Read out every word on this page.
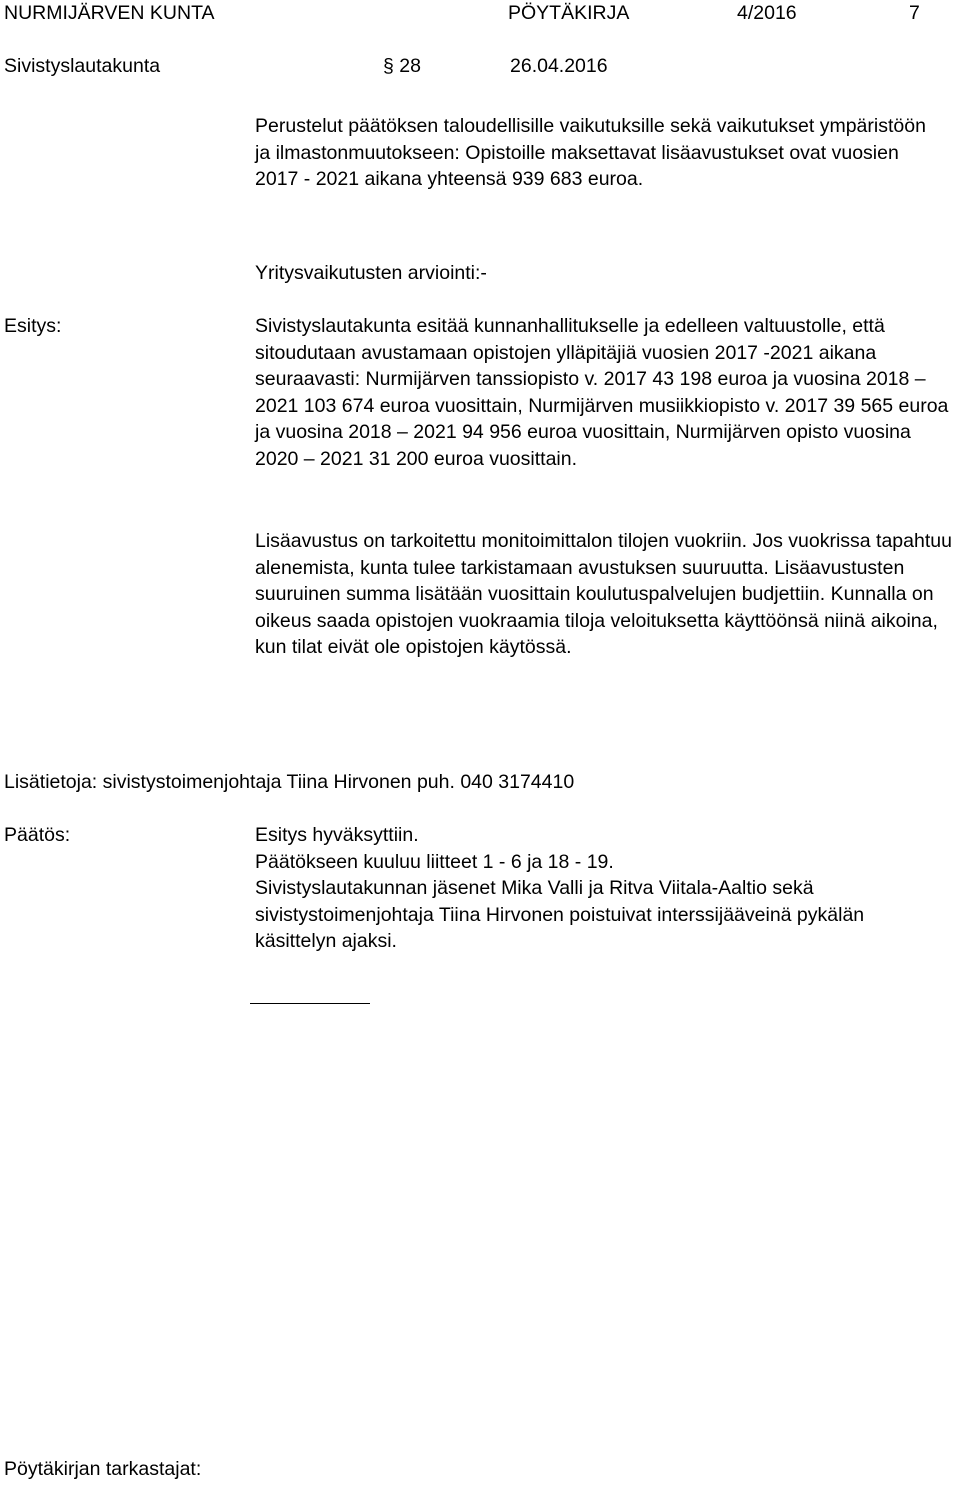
NURMIJÄRVEN KUNTA	PÖYTÄKIRJA	4/2016	7
Sivistyslautakunta	§ 28	26.04.2016

Perustelut päätöksen taloudellisille vaikutuksille sekä vaikutukset ympäristöön ja ilmastonmuutokseen: Opistoille maksettavat lisäavustukset ovat vuosien 2017 - 2021 aikana yhteensä 939 683 euroa.

Yritysvaikutusten arviointi:-

Esitys:	Sivistyslautakunta esitää kunnanhallitukselle ja edelleen valtuustolle, että sitoudutaan avustamaan opistojen ylläpitäjiä vuosien 2017 -2021 aikana seuraavasti: Nurmijärven tanssiopisto v. 2017 43 198 euroa ja vuosina 2018 – 2021 103 674 euroa vuosittain, Nurmijärven musiikkiopisto v. 2017 39 565 euroa ja vuosina 2018 – 2021 94 956 euroa vuosittain, Nurmijärven opisto vuosina 2020 – 2021 31 200 euroa vuosittain.

Lisäavustus on tarkoitettu monitoimittalon tilojen vuokriin. Jos vuokrissa tapahtuu alenemista, kunta tulee tarkistamaan avustuksen suuruutta. Lisäavustusten suuruinen summa lisätään vuosittain koulutuspalvelujen budjettiin. Kunnalla on oikeus saada opistojen vuokraamia tiloja veloituksetta käyttöönsä niinä aikoina, kun tilat eivät ole opistojen käytössä.

Lisätietoja: sivistystoimenjohtaja Tiina Hirvonen puh. 040 3174410
Päätös:	Esitys hyväksyttiin.

Päätökseen kuuluu liitteet 1 - 6 ja 18 - 19.

Sivistyslautakunnan jäsenet Mika Valli ja Ritva Viitala-Aaltio sekä sivistystoimenjohtaja Tiina Hirvonen poistuivat interssijääveinä pykälän käsittelyn ajaksi.

Pöytäkirjan tarkastajat:
